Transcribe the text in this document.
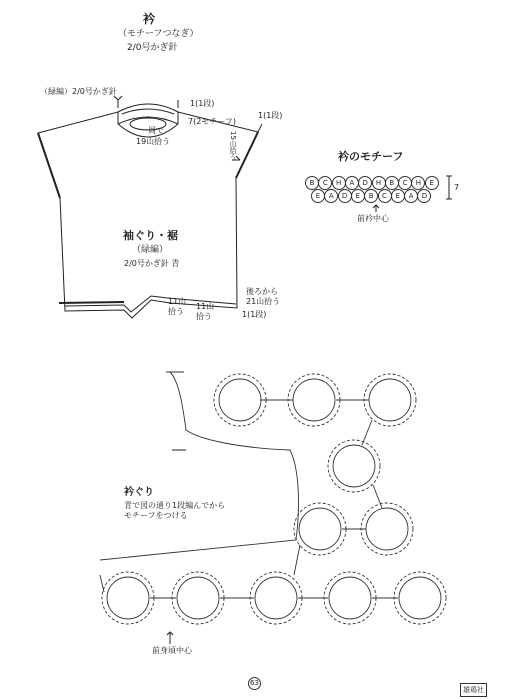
衿
（モチーフつなぎ）
2/0号かぎ針
（緑編）2/0号かぎ針
1(1段)
7(2モチーフ)
1(1段)
一周で
19山拾う	15山拾う
袖ぐり・裾
（緑編）
2/0号かぎ針 青
後ろから
21山拾う
11山
拾う
11山
拾う	1(1段)
衿のモチーフ
7
前衿中心
衿ぐり
青で図の通り1段編んでから
モチーフをつける
前身頃中心
63
雄鶏社
B	C	H	A	D	H	B	C	H	E
E	A	D	E	B	C	E	A	D
